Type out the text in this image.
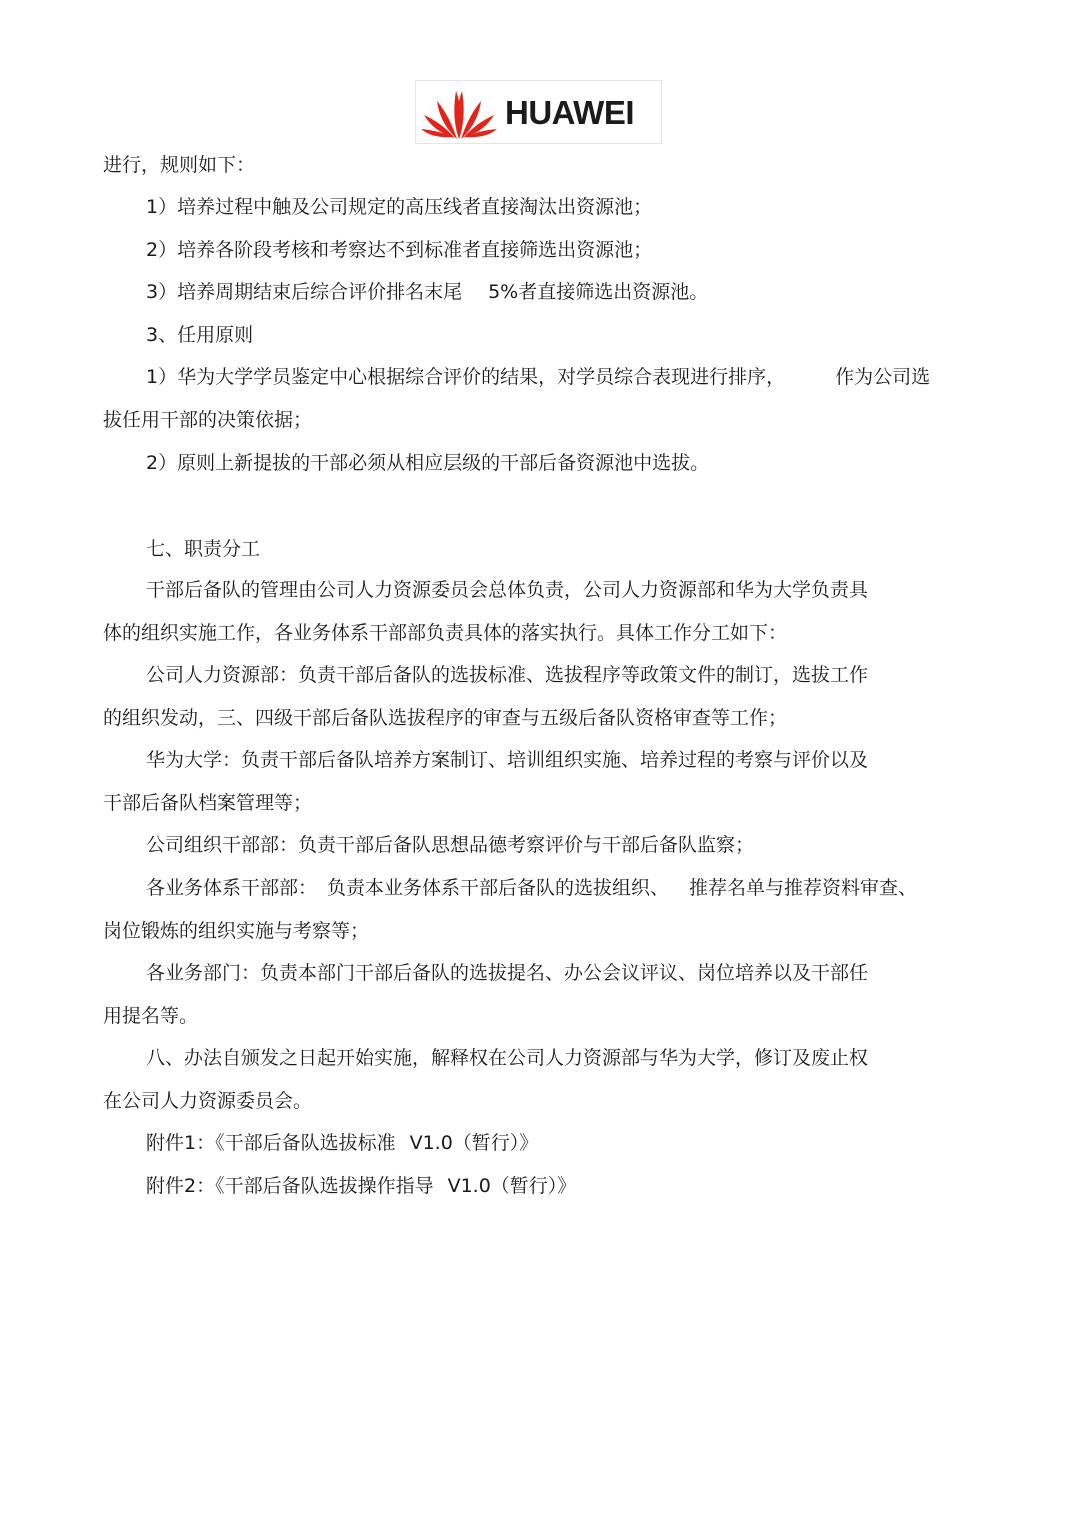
HUAWEI
进行，规则如下：
1）培养过程中触及公司规定的高压线者直接淘汰出资源池；
2）培养各阶段考核和考察达不到标准者直接筛选出资源池；
3）培养周期结束后综合评价排名末尾 5%者直接筛选出资源池。
3、任用原则
1）华为大学学员鉴定中心根据综合评价的结果，对学员综合表现进行排序，	作为公司选
拔任用干部的决策依据；
2）原则上新提拔的干部必须从相应层级的干部后备资源池中选拔。
七、职责分工
干部后备队的管理由公司人力资源委员会总体负责，公司人力资源部和华为大学负责具
体的组织实施工作，各业务体系干部部负责具体的落实执行。具体工作分工如下：
公司人力资源部：负责干部后备队的选拔标准、选拔程序等政策文件的制订，选拔工作
的组织发动，三、四级干部后备队选拔程序的审查与五级后备队资格审查等工作；
华为大学：负责干部后备队培养方案制订、培训组织实施、培养过程的考察与评价以及
干部后备队档案管理等；
公司组织干部部：负责干部后备队思想品德考察评价与干部后备队监察；
各业务体系干部部： 负责本业务体系干部后备队的选拔组织、 推荐名单与推荐资料审查、
岗位锻炼的组织实施与考察等；
各业务部门：负责本部门干部后备队的选拔提名、办公会议评议、岗位培养以及干部任
用提名等。
八、办法自颁发之日起开始实施，解释权在公司人力资源部与华为大学，修订及废止权
在公司人力资源委员会。
附件1：《干部后备队选拔标准 V1.0（暂行）》
附件2：《干部后备队选拔操作指导 V1.0（暂行）》
